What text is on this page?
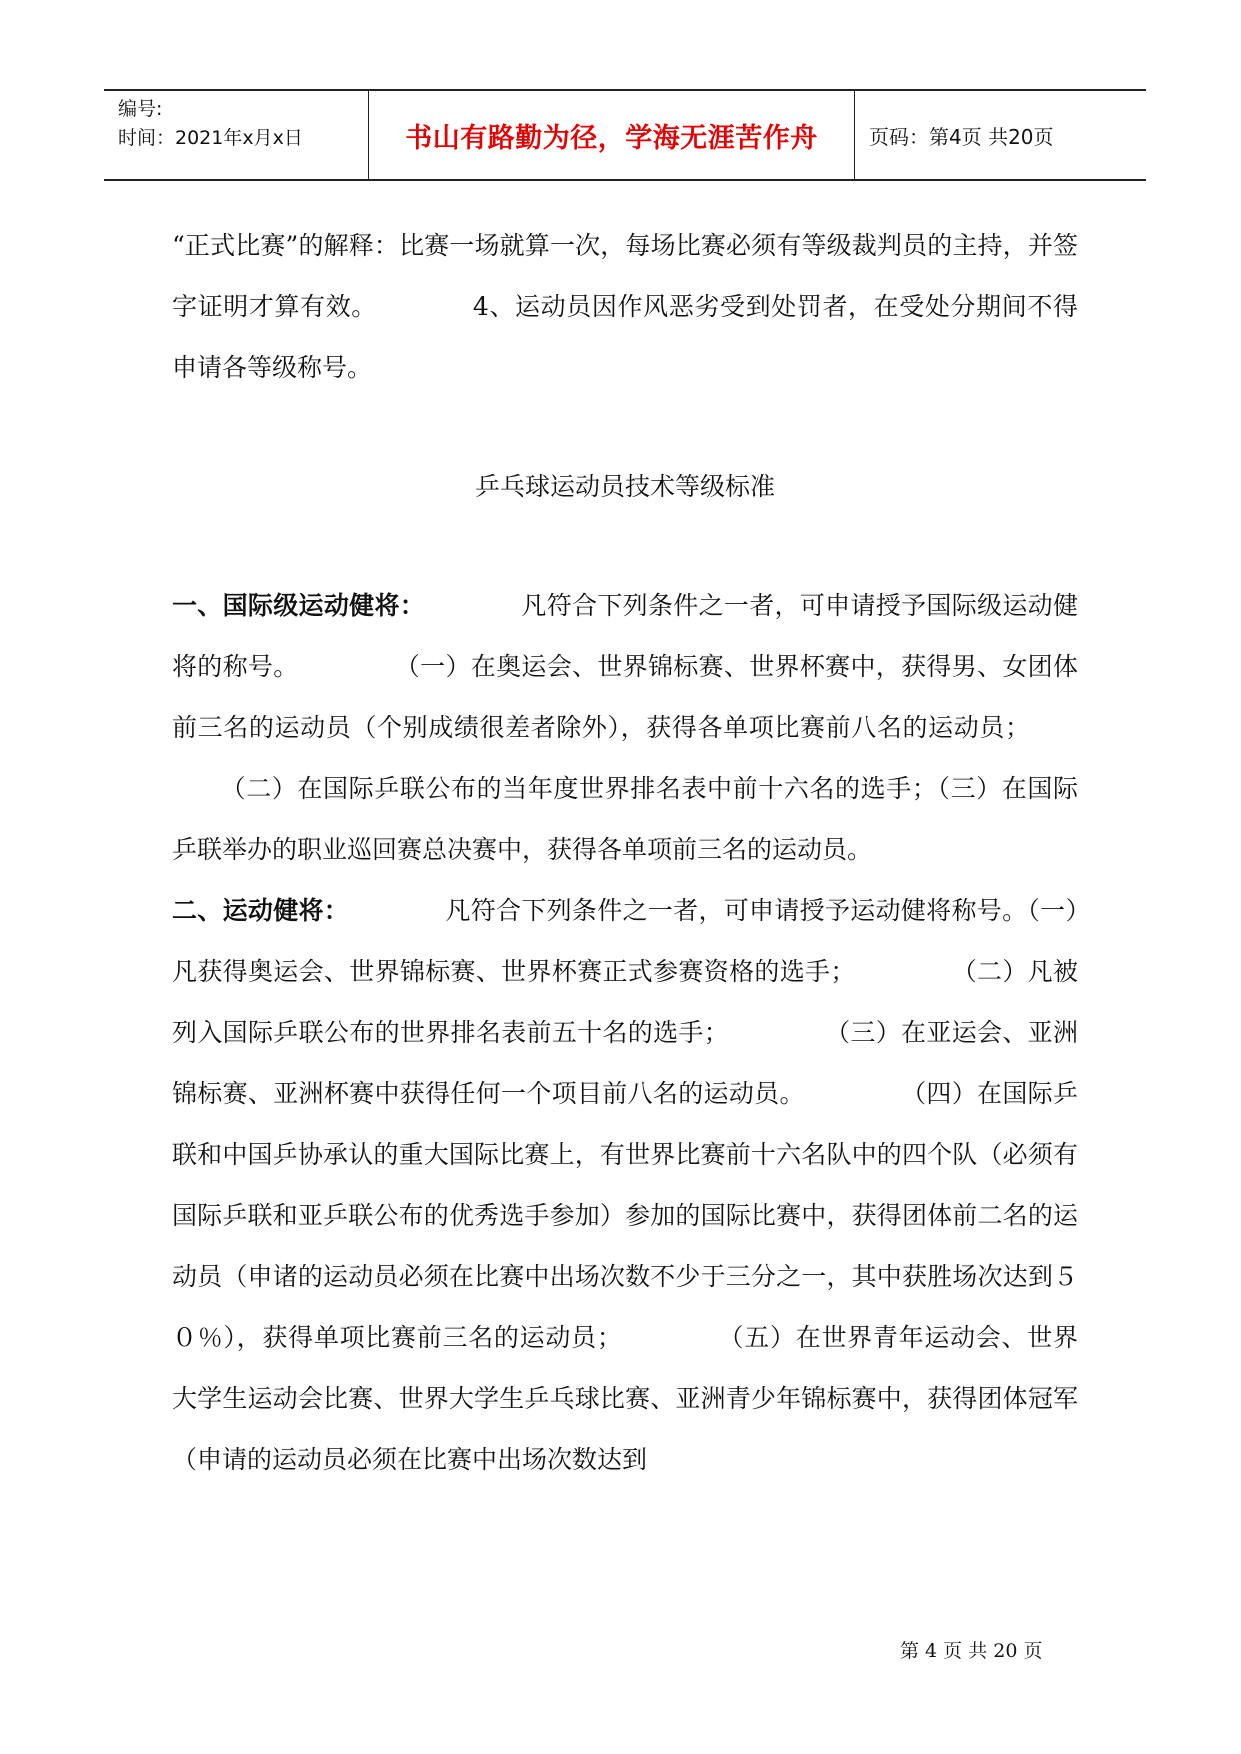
编号:
时间：2021年x月x日	书山有路勤为径，学海无涯苦作舟	页码：第4页 共20页

“正式比赛”的解释：比赛一场就算一次，每场比赛必须有等级裁判员的主持，并签字证明才算有效。	4、运动员因作风恶劣受到处罚者，在受处分期间不得申请各等级称号。

乒乓球运动员技术等级标准

一、国际级运动健将：	凡符合下列条件之一者，可申请授予国际级运动健将的称号。	（一）在奥运会、世界锦标赛、世界杯赛中，获得男、女团体前三名的运动员（个别成绩很差者除外），获得各单项比赛前八名的运动员；（二）在国际乒联公布的当年度世界排名表中前十六名的选手；（三）在国际乒联举办的职业巡回赛总决赛中，获得各单项前三名的运动员。

二、运动健将：	凡符合下列条件之一者，可申请授予运动健将称号。（一）凡获得奥运会、世界锦标赛、世界杯赛正式参赛资格的选手；	（二）凡被列入国际乒联公布的世界排名表前五十名的选手；	（三）在亚运会、亚洲锦标赛、亚洲杯赛中获得任何一个项目前八名的运动员。	（四）在国际乒联和中国乒协承认的重大国际比赛上，有世界比赛前十六名队中的四个队（必须有国际乒联和亚乒联公布的优秀选手参加）参加的国际比赛中，获得团体前二名的运动员（申诸的运动员必须在比赛中出场次数不少于三分之一，其中获胜场次达到５０％），获得单项比赛前三名的运动员；	（五）在世界青年运动会、世界大学生运动会比赛、世界大学生乒乓球比赛、亚洲青少年锦标赛中，获得团体冠军（申请的运动员必须在比赛中出场次数达到

第 4 页 共 20 页
